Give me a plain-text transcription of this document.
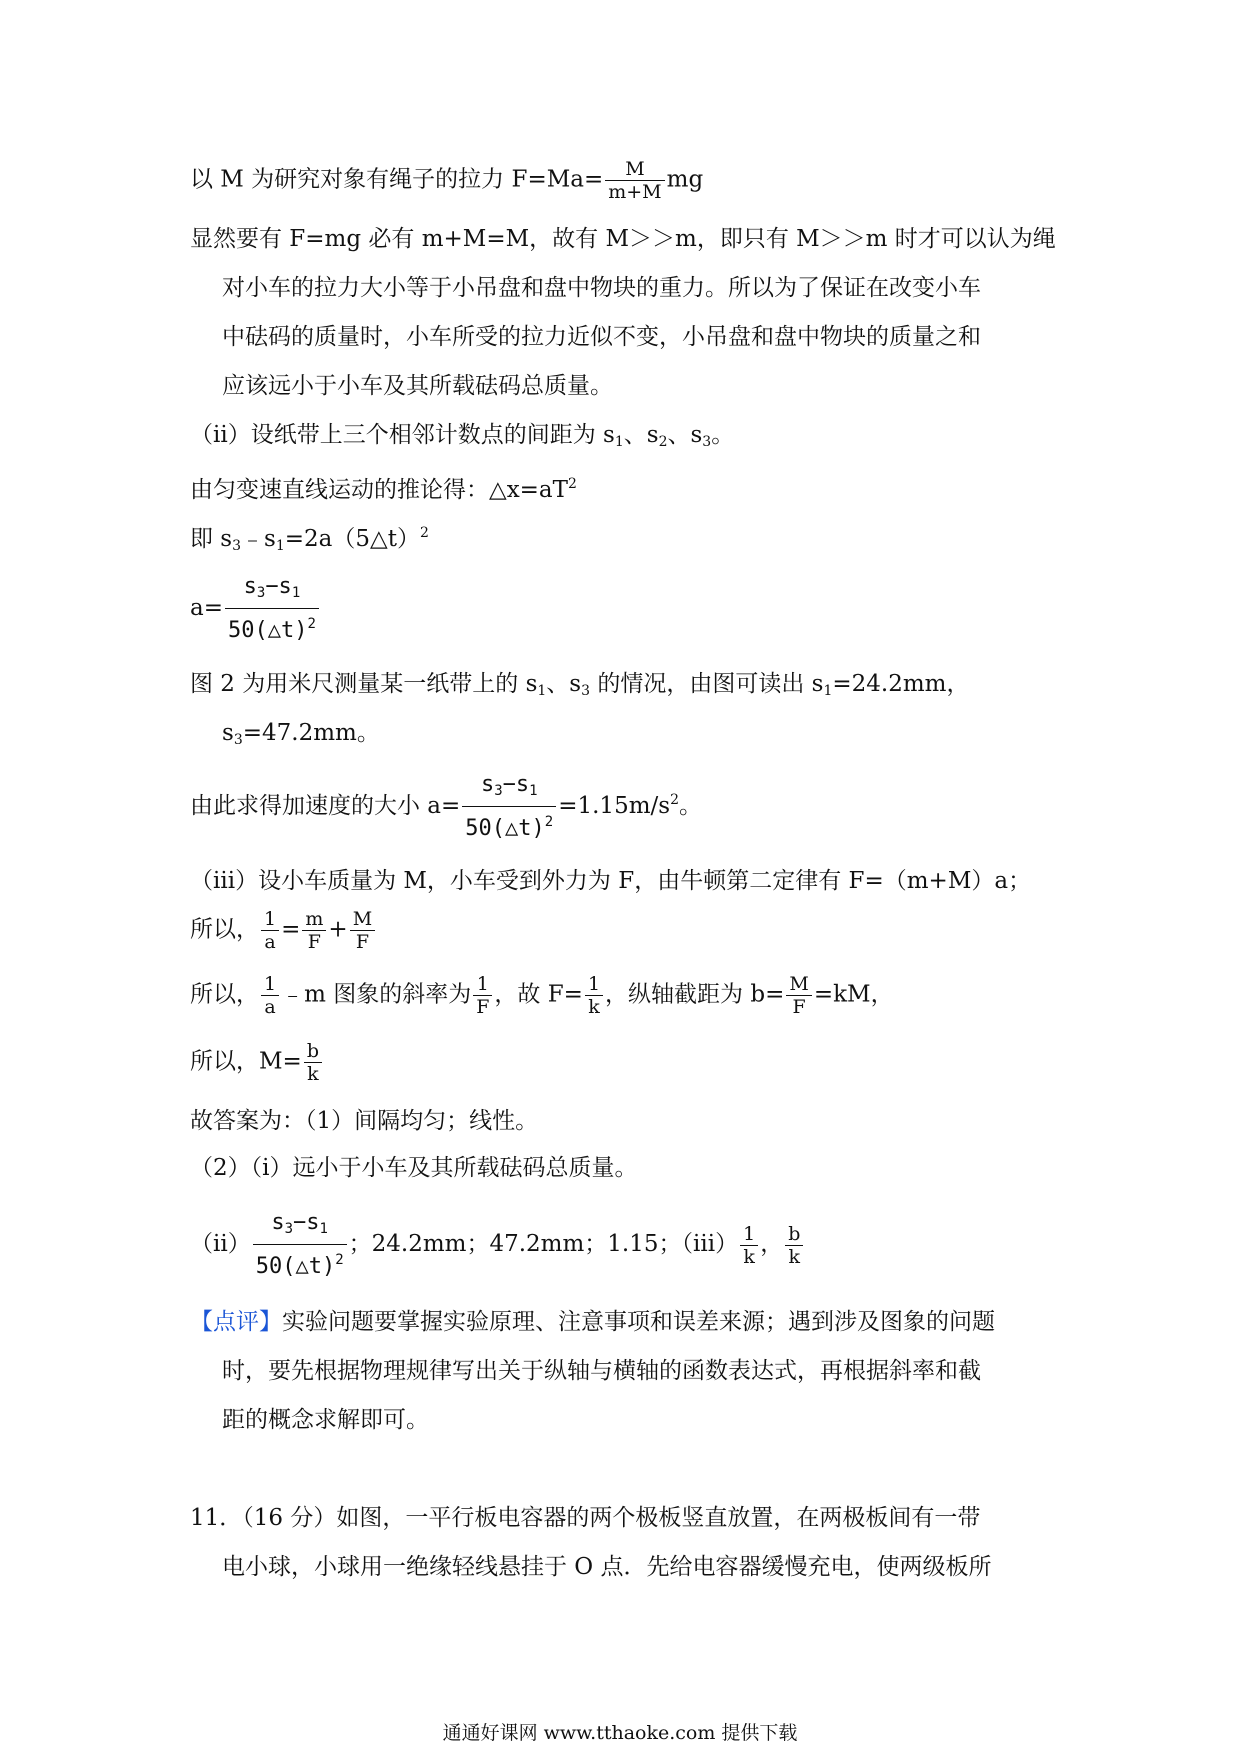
以 M 为研究对象有绳子的拉力 $F=Ma= \frac{M}{m+M}$ mg
显然要有 F=mg 必有 m+M=M，故有 M＞＞m，即只有 M＞＞m 时才可以认为绳
对小车的拉力大小等于小吊盘和盘中物块的重力。所以为了保证在改变小车
中砝码的质量时，小车所受的拉力近似不变，小吊盘和盘中物块的质量之和
应该远小于小车及其所载砝码总质量。
（ii）设纸带上三个相邻计数点的间距为 $s_1$、$s_2$、$s_3$。
由匀变速直线运动的推论得：$\triangle x=aT^2$
即 $s_3﹣s_1=2a(5\triangle t)^2$
$a= \frac{s_3-s_1}{50(\triangle t)^2}$
图 2 为用米尺测量某一纸带上的 $s_1$、$s_3$ 的情况，由图可读出 $s_1=24.2mm$，
$s_3=47.2mm$。
由此求得加速度的大小 $a= \frac{s_3-s_1}{50(\triangle t)^2} =1.15m/s^2$。
（iii）设小车质量为 M，小车受到外力为 F，由牛顿第二定律有 F=（m+M）a；
所以， $\frac{1}{a} = \frac{m}{F} + \frac{M}{F}$
所以， $\frac{1}{a}$ ﹣m 图象的斜率为 $\frac{1}{F}$ ，故 $F= \frac{1}{k}$ ，纵轴截距为 $b= \frac{M}{F} =kM$，
所以，$M= \frac{b}{k}$
故答案为：（1）间隔均匀；线性。
（2）（i）远小于小车及其所载砝码总质量。
$(ii) \frac{s_3-s_1}{50(\triangle t)^2}$ ；24.2mm；47.2mm；1.15；$(iii) \frac{1}{k}$ ， $\frac{b}{k}$
【点评】实验问题要掌握实验原理、注意事项和误差来源；遇到涉及图象的问题
时，要先根据物理规律写出关于纵轴与横轴的函数表达式，再根据斜率和截
距的概念求解即可。
11．（16 分）如图，一平行板电容器的两个极板竖直放置，在两极板间有一带
电小球，小球用一绝缘轻线悬挂于 O 点．先给电容器缓慢充电，使两级板所
通通好课网 www.tthaoke.com 提供下载
